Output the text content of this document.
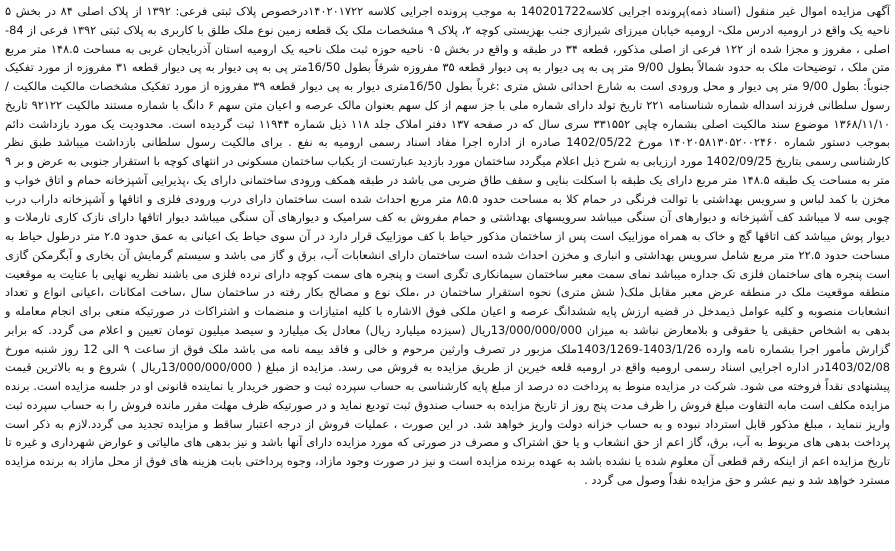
آگهی مزایده اموال غیر منقول (اسناد ذمه)پرونده اجرایی کلاسه140201722 به موجب پرونده اجرایی کلاسه ۱۴۰۲۰۱۷۲۲درخصوص پلاک ثبتی فرعی: ۱۳۹۲ از پلاک اصلی ۸۴ در بخش ۵ ناحیه یک واقع در ارومیه ادرس ملک- ارومیه خیابان میرزای شیرازی جنب بهزیستی کوچه ۲، پلاک ۹ مشخصات ملک یک قطعه زمین نوع ملک طلق با کاربری به پلاک ثبتی ۱۳۹۲ فرعی از 84- اصلی ، مفروز و مجزا شده از ۱۲۲ فرعی از اصلی مذکور، قطعه ۳۴ در طبقه و واقع در بخش ۰۵ ناحیه حوزه ثبت ملک ناحیه یک ارومیه استان آذربایجان غربی به مساحت ۱۴۸.۵ متر مربع متن ملک ، توضیحات ملک به حدود شمالاً بطول 9/00 متر پی به پی دیوار به پی دیوار قطعه ۳۵ مفروزه شرقاً بطول 16/50متر پی به پی دیوار به پی دیوار قطعه ۳۱ مفروزه از مورد تفکیک جنوباً: بطول 9/00 متر پی دیوار و محل ورودی است به شارع احداثی شش متری :غرباً بطول 16/50متری دیوار به پی دیوار قطعه ۳۹ مفروزه از مورد تفکیک مشخصات مالکیت مالکیت / رسول سلطانی فرزند اسداله شماره شناسنامه ۲۲۱ تاریخ تولد دارای شماره ملی با جز سهم از کل سهم بعنوان مالک عرصه و اعیان متن سهم ۶ دانگ با شماره مستند مالکیت ۹۲۱۲۲ تاریخ ۱۳۶۸/۱۱/۱۰ موضوع سند مالکیت اصلی بشماره چاپی ۳۳۱۵۵۲ سری سال که در صفحه ۱۳۷ دفتر املاک جلد ۱۱۸ ذیل شماره ۱۱۹۴۴ ثبت گردیده است. محدودیت یک مورد بازداشت دائم بموجب دستور شماره ۱۴۰۲۰۵۸۱۳۰۵۲۰۰۲۴۶۰ مورخ 1402/05/22 صادره از اداره اجرا مفاد اسناد رسمی ارومیه به نفع . برای مالکیت رسول سلطانی بازداشت میباشد طبق نظر کارشناسی رسمی بتاریخ 1402/09/25 مورد ارزیابی به شرح ذیل اعلام میگردد ساختمان مورد بازدید عبارتست از یکباب ساختمان مسکونی در انتهای کوچه با استقرار جنوبی به عرض و بر ۹ متر به مساحت یک طبقه ۱۴۸.۵ متر مربع دارای یک طبقه با اسکلت بنایی و سقف طاق ضربی می باشد در طبقه همکف ورودی ساختمانی دارای یک ،پذیرایی آشپزخانه حمام و اتاق خواب و مخزن با کمد لباس و سرویس بهداشتی با توالت فرنگی در حمام کلا به مساحت حدود ۸۵.۵ متر مربع احداث شده است ساختمان دارای درب ورودی فلزی و اتاقها و آشپزخانه داراب درب چوبی سه لا میباشد کف آشپزخانه و دیوارهای آن سنگی میباشد سرویسهای بهداشتی و حمام مفروش به کف سرامیک و دیوارهای آن سنگی میباشد دیوار اتاقها دارای نازک کاری تارملات و دیوار پوش میباشد کف اتاقها گچ و خاک به همراه موزاییک است پس از ساختمان مذکور حیاط با کف موزاییک قرار دارد در آن سوی حیاط یک اعیانی به عمق حدود ۲.۵ متر درطول حیاط به مساحت حدود ۲۲.۵ متر مربع شامل سرویس بهداشتی و انباری و مخزن احداث شده است ساختمان دارای انشعابات آب، برق و گاز می باشد و سیستم گرمایش آن بخاری و آبگرمکن گازی است پنجره های ساختمان فلزی تک جداره میباشد نمای سمت معبر ساختمان سیمانکاری تگری است و پنجره های سمت کوچه دارای نرده فلزی می باشند نظریه نهایی با عنایت به موقعیت منطقه موقعیت ملک در منطقه عرض معبر مقابل ملک( شش متری) نحوه استقرار ساختمان در ،ملک نوع و مصالح بکار رفته در ساختمان سال ،ساخت امکانات ،اعیانی انواع و تعداد انشعابات منصوبه و کلیه عوامل ذیمدخل در قضیه ارزش پایه ششدانگ عرصه و اعیان ملکی فوق الاشاره با کلیه امتیازات و منضمات و اشتراکات در صورتیکه منعی برای انجام معامله و بدهی به اشخاص حقیقی یا حقوقی و بلامعارض نباشد به میزان 13/000/000/000ریال (سیزده میلیارد ریال) معادل یک میلیارد و سیصد میلیون تومان تعیین و اعلام می گردد. که برابر گزارش مأمور اجرا بشماره نامه وارده 1403/1/26-1403/1269ملک مزبور در تصرف وارثین مرحوم و خالی و فاقد بیمه نامه می باشد ملک فوق از ساعت ۹ الی 12 روز شنبه مورخ 1403/02/08در اداره اجرایی اسناد رسمی ارومیه واقع در ارومیه قلعه خیرین از طریق مزایده به فروش می رسد. مزایده از مبلغ ( 13/000/000/000ریال ) شروع و به بالاترین قیمت پیشنهادی نقداً فروخته می شود. شرکت در مزایده منوط به پرداخت ده درصد از مبلغ پایه کارشناسی به حساب سپرده ثبت و حضور خریدار یا نماینده قانونی او در جلسه مزایده است. برنده مزایده مکلف است مابه التفاوت مبلغ فروش را ظرف مدت پنج روز از تاریخ مزایده به حساب صندوق ثبت تودیع نماید و در صورتیکه ظرف مهلت مقرر مانده فروش را به حساب سپرده ثبت واریز ننماید ، مبلغ مذکور قابل استرداد نبوده و به حساب خزانه دولت واریز خواهد شد. در این صورت ، عملیات فروش از درجه اعتبار ساقط و مزایده تجدید می گردد.لازم به ذکر است پرداخت بدهی های مربوط به آب، برق، گاز اعم از حق انشعاب و یا حق اشتراک و مصرف در صورتی که مورد مزایده دارای آنها باشد و نیز بدهی های مالیاتی و عوارض شهرداری و غیره تا تاریخ مزایده اعم از اینکه رقم قطعی آن معلوم شده یا نشده باشد به عهده برنده مزایده است و نیز در صورت وجود مازاد، وجوه پرداختی بابت هزینه های فوق از محل مازاد به برنده مزایده مسترد خواهد شد و نیم عشر و حق مزایده نقداً وصول می گردد .
